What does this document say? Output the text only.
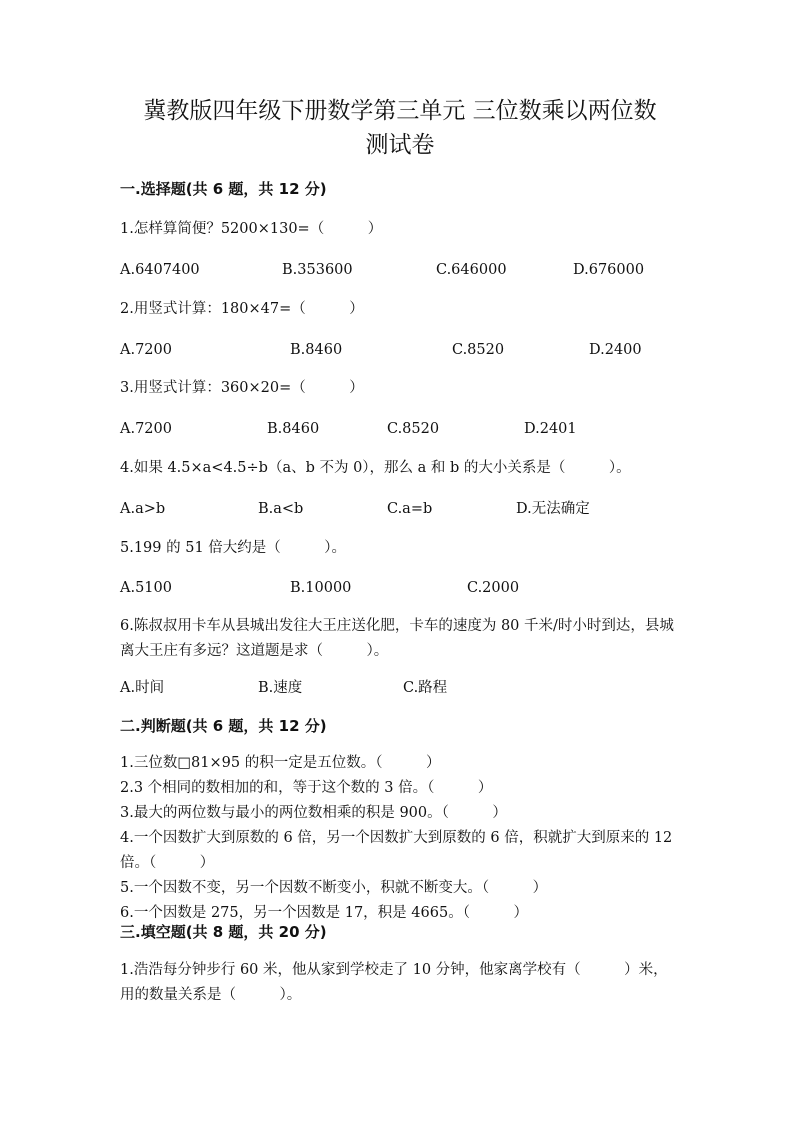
冀教版四年级下册数学第三单元 三位数乘以两位数
测试卷
一.选择题(共 6 题，共 12 分)
1.怎样算简便？5200×130=（　　　）
A.6407400	B.353600	C.646000	D.676000
2.用竖式计算：180×47=（　　　）
A.7200	B.8460	C.8520	D.2400
3.用竖式计算：360×20=（　　　）
A.7200	B.8460	C.8520	D.2401
4.如果 4.5×a<4.5÷b（a、b 不为 0），那么 a 和 b 的大小关系是（　　　）。
A.a>b	B.a<b	C.a=b	D.无法确定
5.199 的 51 倍大约是（　　　）。
A.5100	B.10000	C.2000
6.陈叔叔用卡车从县城出发往大王庄送化肥，卡车的速度为 80 千米/时小时到达，县城离大王庄有多远？这道题是求（　　　）。
A.时间	B.速度	C.路程
二.判断题(共 6 题，共 12 分)
1.三位数□81×95 的积一定是五位数。（　　　）
2.3 个相同的数相加的和，等于这个数的 3 倍。（　　　）
3.最大的两位数与最小的两位数相乘的积是 900。（　　　）
4.一个因数扩大到原数的 6 倍，另一个因数扩大到原数的 6 倍，积就扩大到原来的 12 倍。（　　　）
5.一个因数不变，另一个因数不断变小，积就不断变大。（　　　）
6.一个因数是 275，另一个因数是 17，积是 4665。（　　　）
三.填空题(共 8 题，共 20 分)
1.浩浩每分钟步行 60 米，他从家到学校走了 10 分钟，他家离学校有（　　　）米，用的数量关系是（　　　）。
